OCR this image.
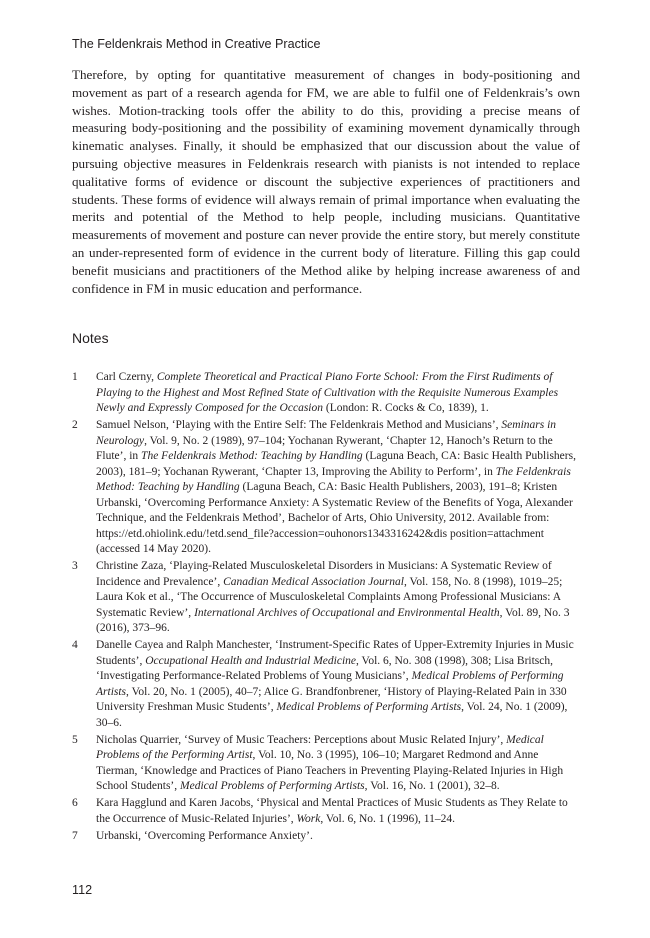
The Feldenkrais Method in Creative Practice

Therefore, by opting for quantitative measurement of changes in body-positioning and movement as part of a research agenda for FM, we are able to fulfil one of Feldenkrais’s own wishes. Motion-tracking tools offer the ability to do this, providing a precise means of measuring body-positioning and the possibility of examining movement dynamically through kinematic analyses. Finally, it should be emphasized that our discussion about the value of pursuing objective measures in Feldenkrais research with pianists is not intended to replace qualitative forms of evidence or discount the subjective experiences of practitioners and students. These forms of evidence will always remain of primal importance when evaluating the merits and potential of the Method to help people, including musicians. Quantitative measurements of movement and posture can never provide the entire story, but merely constitute an under-represented form of evidence in the current body of literature. Filling this gap could benefit musicians and practitioners of the Method alike by helping increase awareness of and confidence in FM in music education and performance.

Notes
1	Carl Czerny, Complete Theoretical and Practical Piano Forte School: From the First Rudiments of Playing to the Highest and Most Refined State of Cultivation with the Requisite Numerous Examples Newly and Expressly Composed for the Occasion (London: R. Cocks & Co, 1839), 1.
2	Samuel Nelson, ‘Playing with the Entire Self: The Feldenkrais Method and Musicians’, Seminars in Neurology, Vol. 9, No. 2 (1989), 97–104; Yochanan Rywerant, ‘Chapter 12, Hanoch’s Return to the Flute’, in The Feldenkrais Method: Teaching by Handling (Laguna Beach, CA: Basic Health Publishers, 2003), 181–9; Yochanan Rywerant, ‘Chapter 13, Improving the Ability to Perform’, in The Feldenkrais Method: Teaching by Handling (Laguna Beach, CA: Basic Health Publishers, 2003), 191–8; Kristen Urbanski, ‘Overcoming Performance Anxiety: A Systematic Review of the Benefits of Yoga, Alexander Technique, and the Feldenkrais Method’, Bachelor of Arts, Ohio University, 2012. Available from: https://etd.ohiolink.edu/!etd.send_file?accession=ouhonors1343316242&dis position=attachment (accessed 14 May 2020).
3	Christine Zaza, ‘Playing-Related Musculoskeletal Disorders in Musicians: A Systematic Review of Incidence and Prevalence’, Canadian Medical Association Journal, Vol. 158, No. 8 (1998), 1019–25; Laura Kok et al., ‘The Occurrence of Musculoskeletal Complaints Among Professional Musicians: A Systematic Review’, International Archives of Occupational and Environmental Health, Vol. 89, No. 3 (2016), 373–96.
4	Danelle Cayea and Ralph Manchester, ‘Instrument-Specific Rates of Upper-Extremity Injuries in Music Students’, Occupational Health and Industrial Medicine, Vol. 6, No. 308 (1998), 308; Lisa Britsch, ‘Investigating Performance-Related Problems of Young Musicians’, Medical Problems of Performing Artists, Vol. 20, No. 1 (2005), 40–7; Alice G. Brandfonbrener, ‘History of Playing-Related Pain in 330 University Freshman Music Students’, Medical Problems of Performing Artists, Vol. 24, No. 1 (2009), 30–6.
5	Nicholas Quarrier, ‘Survey of Music Teachers: Perceptions about Music Related Injury’, Medical Problems of the Performing Artist, Vol. 10, No. 3 (1995), 106–10; Margaret Redmond and Anne Tierman, ‘Knowledge and Practices of Piano Teachers in Preventing Playing-Related Injuries in High School Students’, Medical Problems of Performing Artists, Vol. 16, No. 1 (2001), 32–8.
6	Kara Hagglund and Karen Jacobs, ‘Physical and Mental Practices of Music Students as They Relate to the Occurrence of Music-Related Injuries’, Work, Vol. 6, No. 1 (1996), 11–24.
7	Urbanski, ‘Overcoming Performance Anxiety’.
112
